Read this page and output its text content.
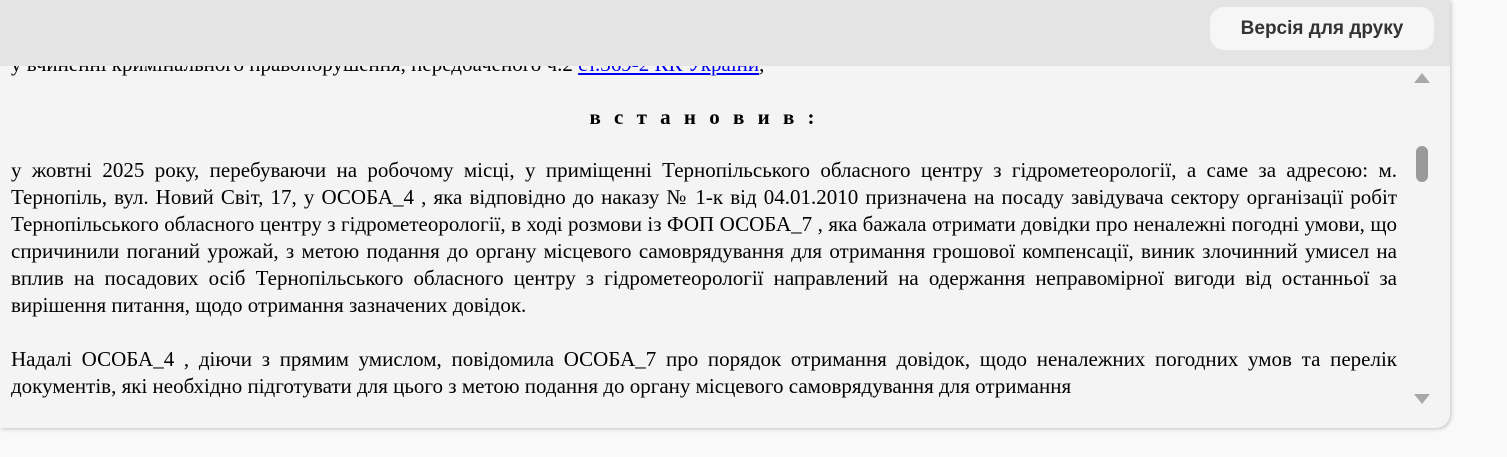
в с т а н о в и в :

у жовтні 2025 року, перебуваючи на робочому місці, у приміщенні Тернопільського обласного центру з гідрометеорології, а саме за адресою: м. Тернопіль, вул. Новий Світ, 17, у ОСОБА_4 , яка відповідно до наказу № 1-к від 04.01.2010 призначена на посаду завідувача сектору організації робіт Тернопільського обласного центру з гідрометеорології, в ході розмови із ФОП ОСОБА_7 , яка бажала отримати довідки про неналежні погодні умови, що спричинили поганий урожай, з метою подання до органу місцевого самоврядування для отримання грошової компенсації, виник злочинний умисел на вплив на посадових осіб Тернопільського обласного центру з гідрометеорології направлений на одержання неправомірної вигоди від останньої за вирішення питання, щодо отримання зазначених довідок.

Надалі ОСОБА_4 , діючи з прямим умислом, повідомила ОСОБА_7 про порядок отримання довідок, щодо неналежних погодних умов та перелік документів, які необхідно підготувати для цього з метою подання до органу місцевого самоврядування для отримання

Версія для друку
